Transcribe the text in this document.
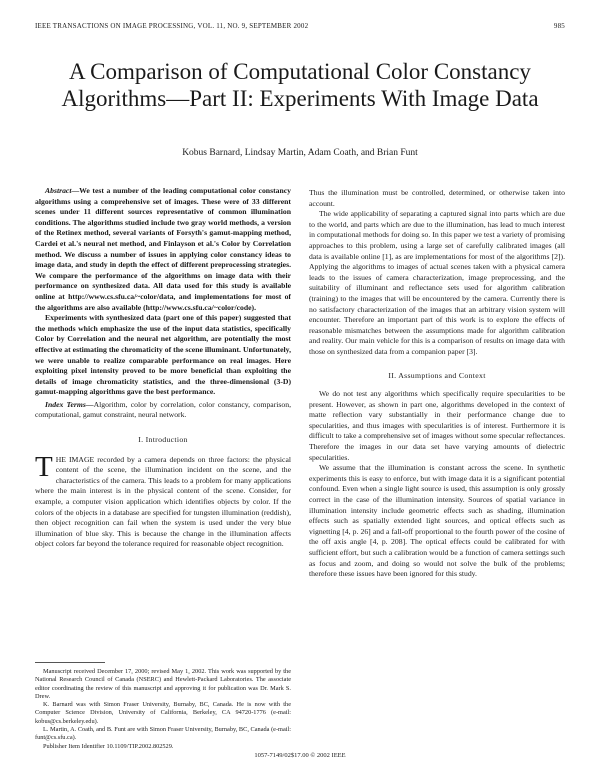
IEEE TRANSACTIONS ON IMAGE PROCESSING, VOL. 11, NO. 9, SEPTEMBER 2002	985
A Comparison of Computational Color Constancy Algorithms—Part II: Experiments With Image Data
Kobus Barnard, Lindsay Martin, Adam Coath, and Brian Funt

Abstract—We test a number of the leading computational color constancy algorithms using a comprehensive set of images. These were of 33 different scenes under 11 different sources representative of common illumination conditions. The algorithms studied include two gray world methods, a version of the Retinex method, several variants of Forsyth's gamut-mapping method, Cardei et al.'s neural net method, and Finlayson et al.'s Color by Correlation method. We discuss a number of issues in applying color constancy ideas to image data, and study in depth the effect of different preprocessing strategies. We compare the performance of the algorithms on image data with their performance on synthesized data. All data used for this study is available online at http://www.cs.sfu.ca/~color/data, and implementations for most of the algorithms are also available (http://www.cs.sfu.ca/~color/code).

Experiments with synthesized data (part one of this paper) suggested that the methods which emphasize the use of the input data statistics, specifically Color by Correlation and the neural net algorithm, are potentially the most effective at estimating the chromaticity of the scene illuminant. Unfortunately, we were unable to realize comparable performance on real images. Here exploiting pixel intensity proved to be more beneficial than exploiting the details of image chromaticity statistics, and the three-dimensional (3-D) gamut-mapping algorithms gave the best performance.

Index Terms—Algorithm, color by correlation, color constancy, comparison, computational, gamut constraint, neural network.

I. Introduction

THE IMAGE recorded by a camera depends on three factors: the physical content of the scene, the illumination incident on the scene, and the characteristics of the camera. This leads to a problem for many applications where the main interest is in the physical content of the scene. Consider, for example, a computer vision application which identifies objects by color. If the colors of the objects in a database are specified for tungsten illumination (reddish), then object recognition can fail when the system is used under the very blue illumination of blue sky. This is because the change in the illumination affects object colors far beyond the tolerance required for reasonable object recognition.

Manuscript received December 17, 2000; revised May 1, 2002. This work was supported by the National Research Council of Canada (NSERC) and Hewlett-Packard Laboratories. The associate editor coordinating the review of this manuscript and approving it for publication was Dr. Mark S. Drew.

K. Barnard was with Simon Fraser University, Burnaby, BC, Canada. He is now with the Computer Science Division, University of California, Berkeley, CA 94720-1776 (e-mail: kobus@cs.berkeley.edu).

L. Martin, A. Coath, and B. Funt are with Simon Fraser University, Burnaby, BC, Canada (e-mail: funt@cs.sfu.ca).

Publisher Item Identifier 10.1109/TIP.2002.802529.

Thus the illumination must be controlled, determined, or otherwise taken into account.

The wide applicability of separating a captured signal into parts which are due to the world, and parts which are due to the illumination, has lead to much interest in computational methods for doing so. In this paper we test a variety of promising approaches to this problem, using a large set of carefully calibrated images (all data is available online [1], as are implementations for most of the algorithms [2]). Applying the algorithms to images of actual scenes taken with a physical camera leads to the issues of camera characterization, image preprocessing, and the suitability of illuminant and reflectance sets used for algorithm calibration (training) to the images that will be encountered by the camera. Currently there is no satisfactory characterization of the images that an arbitrary vision system will encounter. Therefore an important part of this work is to explore the effects of reasonable mismatches between the assumptions made for algorithm calibration and reality. Our main vehicle for this is a comparison of results on image data with those on synthesized data from a companion paper [3].

II. Assumptions and Context

We do not test any algorithms which specifically require specularities to be present. However, as shown in part one, algorithms developed in the context of matte reflection vary substantially in their performance change due to specularities, and thus images with specularities is of interest. Furthermore it is difficult to take a comprehensive set of images without some specular reflectances. Therefore the images in our data set have varying amounts of dielectric specularities.

We assume that the illumination is constant across the scene. In synthetic experiments this is easy to enforce, but with image data it is a significant potential confound. Even when a single light source is used, this assumption is only grossly correct in the case of the illumination intensity. Sources of spatial variance in illumination intensity include geometric effects such as shading, illumination effects such as spatially extended light sources, and optical effects such as vignetting [4, p. 26] and a fall-off proportional to the fourth power of the cosine of the off axis angle [4, p. 208]. The optical effects could be calibrated for with sufficient effort, but such a calibration would be a function of camera settings such as focus and zoom, and doing so would not solve the bulk of the problems; therefore these issues have been ignored for this study.

1057-7149/02$17.00 © 2002 IEEE
